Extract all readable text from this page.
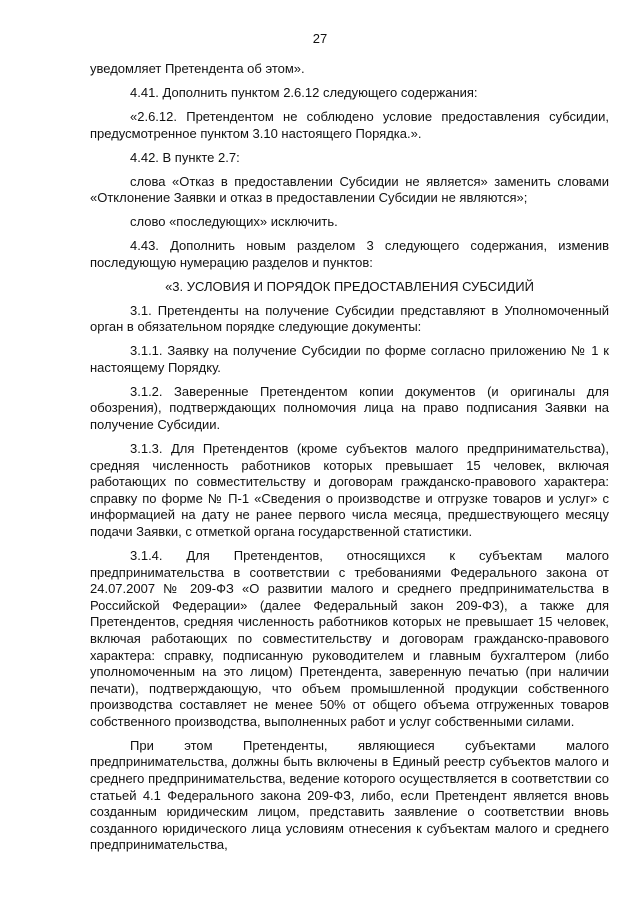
27

уведомляет Претендента об этом».

4.41. Дополнить пунктом 2.6.12 следующего содержания:

«2.6.12. Претендентом не соблюдено условие предоставления субсидии, предусмотренное пунктом 3.10 настоящего Порядка.».

4.42. В пункте 2.7:

слова «Отказ в предоставлении Субсидии не является» заменить словами «Отклонение Заявки и отказ в предоставлении Субсидии не являются»;

слово «последующих» исключить.

4.43. Дополнить новым разделом 3 следующего содержания, изменив последующую нумерацию разделов и пунктов:

«3. УСЛОВИЯ И ПОРЯДОК ПРЕДОСТАВЛЕНИЯ СУБСИДИЙ

3.1. Претенденты на получение Субсидии представляют в Уполномоченный орган в обязательном порядке следующие документы:

3.1.1. Заявку на получение Субсидии по форме согласно приложению № 1 к настоящему Порядку.

3.1.2. Заверенные Претендентом копии документов (и оригиналы для обозрения), подтверждающих полномочия лица на право подписания Заявки на получение Субсидии.

3.1.3. Для Претендентов (кроме субъектов малого предпринимательства), средняя численность работников которых превышает 15 человек, включая работающих по совместительству и договорам гражданско-правового характера: справку по форме № П-1 «Сведения о производстве и отгрузке товаров и услуг» с информацией на дату не ранее первого числа месяца, предшествующего месяцу подачи Заявки, с отметкой органа государственной статистики.

3.1.4. Для Претендентов, относящихся к субъектам малого предпринимательства в соответствии с требованиями Федерального закона от 24.07.2007 № 209-ФЗ «О развитии малого и среднего предпринимательства в Российской Федерации» (далее Федеральный закон 209-ФЗ), а также для Претендентов, средняя численность работников которых не превышает 15 человек, включая работающих по совместительству и договорам гражданско-правового характера: справку, подписанную руководителем и главным бухгалтером (либо уполномоченным на это лицом) Претендента, заверенную печатью (при наличии печати), подтверждающую, что объем промышленной продукции собственного производства составляет не менее 50% от общего объема отгруженных товаров собственного производства, выполненных работ и услуг собственными силами.

При этом Претенденты, являющиеся субъектами малого предпринимательства, должны быть включены в Единый реестр субъектов малого и среднего предпринимательства, ведение которого осуществляется в соответствии со статьей 4.1 Федерального закона 209-ФЗ, либо, если Претендент является вновь созданным юридическим лицом, представить заявление о соответствии вновь созданного юридического лица условиям отнесения к субъектам малого и среднего предпринимательства,
